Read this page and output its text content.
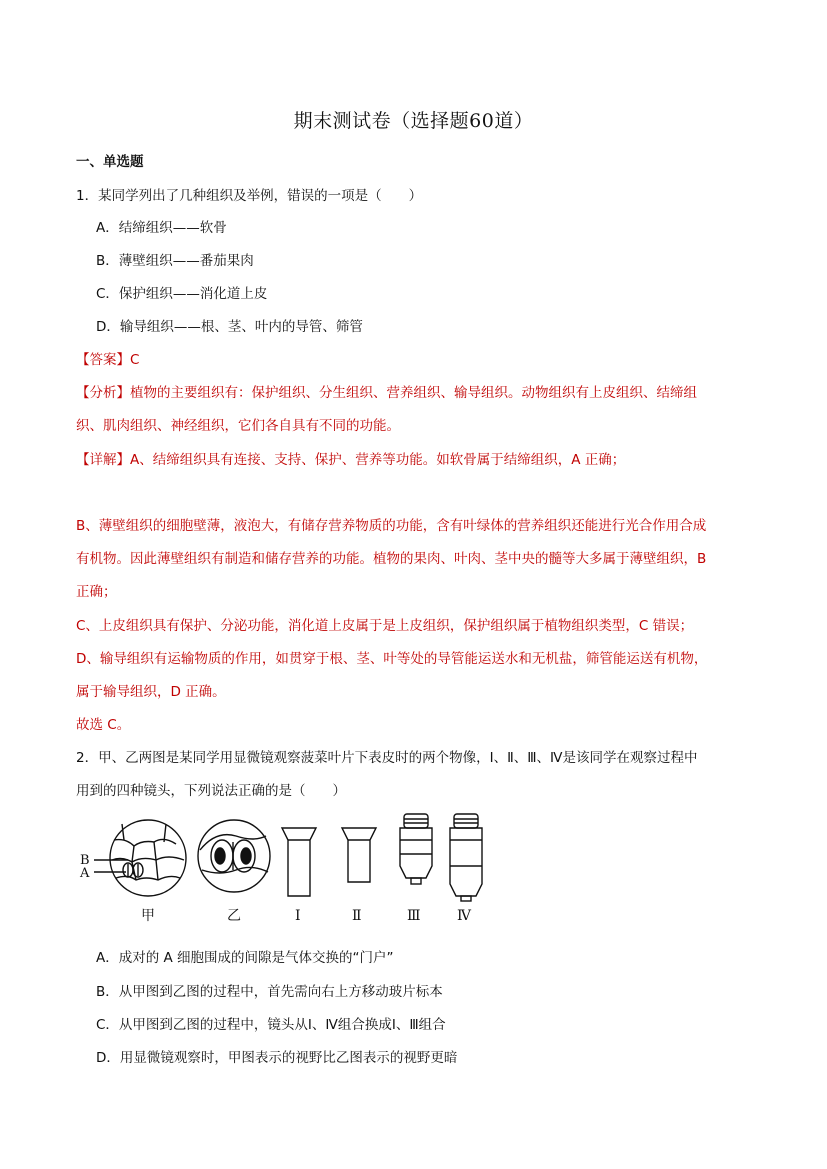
期末测试卷（选择题60道）
一、单选题
1．某同学列出了几种组织及举例，错误的一项是（　　）
A．结缔组织——软骨
B．薄壁组织——番茄果肉
C．保护组织——消化道上皮
D．输导组织——根、茎、叶内的导管、筛管
【答案】C
【分析】植物的主要组织有：保护组织、分生组织、营养组织、输导组织。动物组织有上皮组织、结缔组
织、肌肉组织、神经组织，它们各自具有不同的功能。
【详解】A、结缔组织具有连接、支持、保护、营养等功能。如软骨属于结缔组织，A 正确；
B、薄壁组织的细胞壁薄，液泡大，有储存营养物质的功能，含有叶绿体的营养组织还能进行光合作用合成
有机物。因此薄壁组织有制造和储存营养的功能。植物的果肉、叶肉、茎中央的髓等大多属于薄壁组织，B
正确；
C、上皮组织具有保护、分泌功能，消化道上皮属于是上皮组织，保护组织属于植物组织类型，C 错误；
D、输导组织有运输物质的作用，如贯穿于根、茎、叶等处的导管能运送水和无机盐，筛管能运送有机物，
属于输导组织，D 正确。
故选 C。
2．甲、乙两图是某同学用显微镜观察菠菜叶片下表皮时的两个物像，Ⅰ、Ⅱ、Ⅲ、Ⅳ是该同学在观察过程中
用到的四种镜头，下列说法正确的是（　　）
B
A
甲	乙	Ⅰ	Ⅱ	Ⅲ	Ⅳ
A．成对的 A 细胞围成的间隙是气体交换的“门户”
B．从甲图到乙图的过程中，首先需向右上方移动玻片标本
C．从甲图到乙图的过程中，镜头从Ⅰ、Ⅳ组合换成Ⅰ、Ⅲ组合
D．用显微镜观察时，甲图表示的视野比乙图表示的视野更暗
